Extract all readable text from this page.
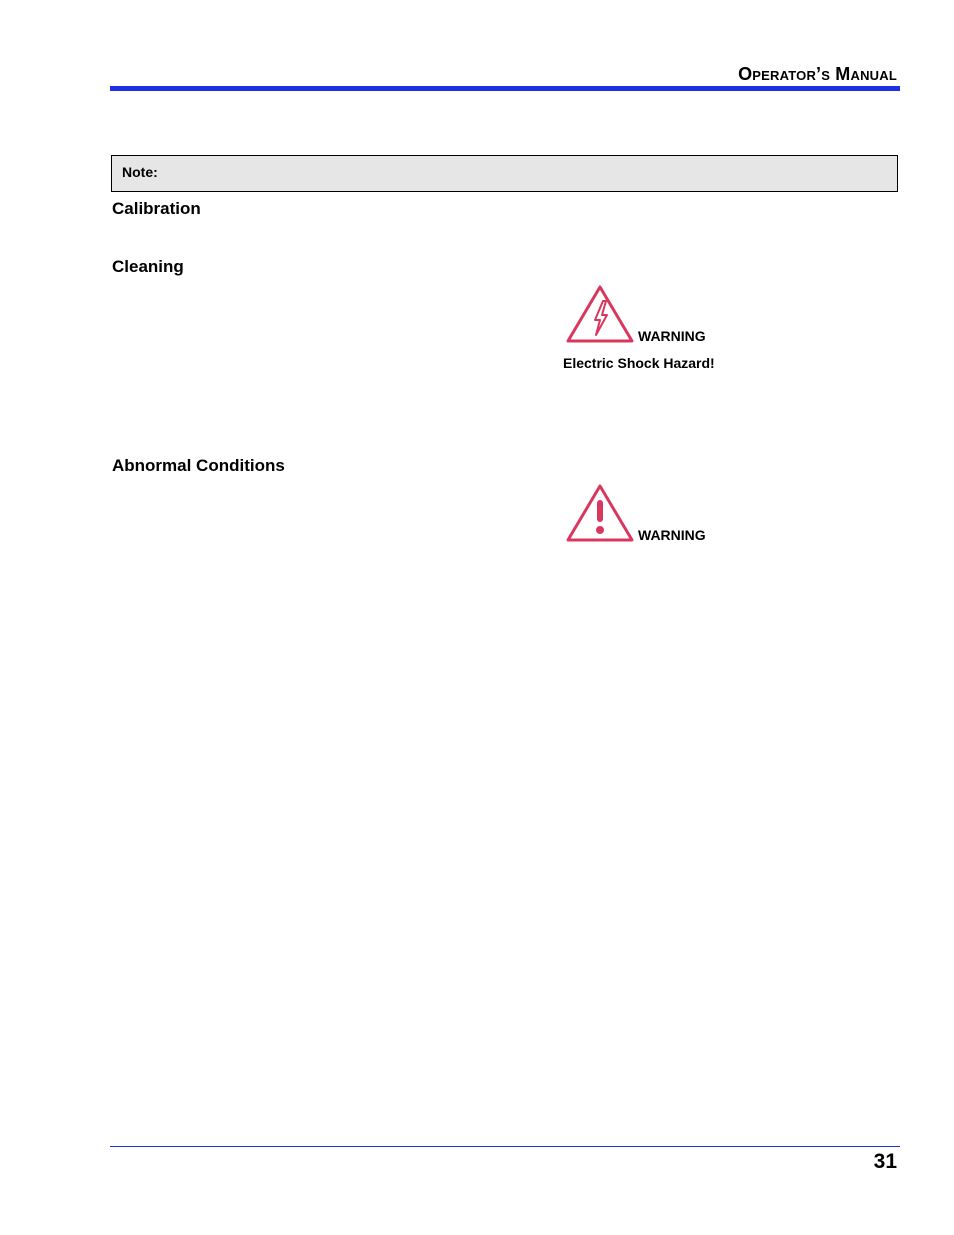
Operator’s Manual
Note:
Calibration
Cleaning
WARNING
Electric Shock Hazard!
Abnormal Conditions
WARNING
31
